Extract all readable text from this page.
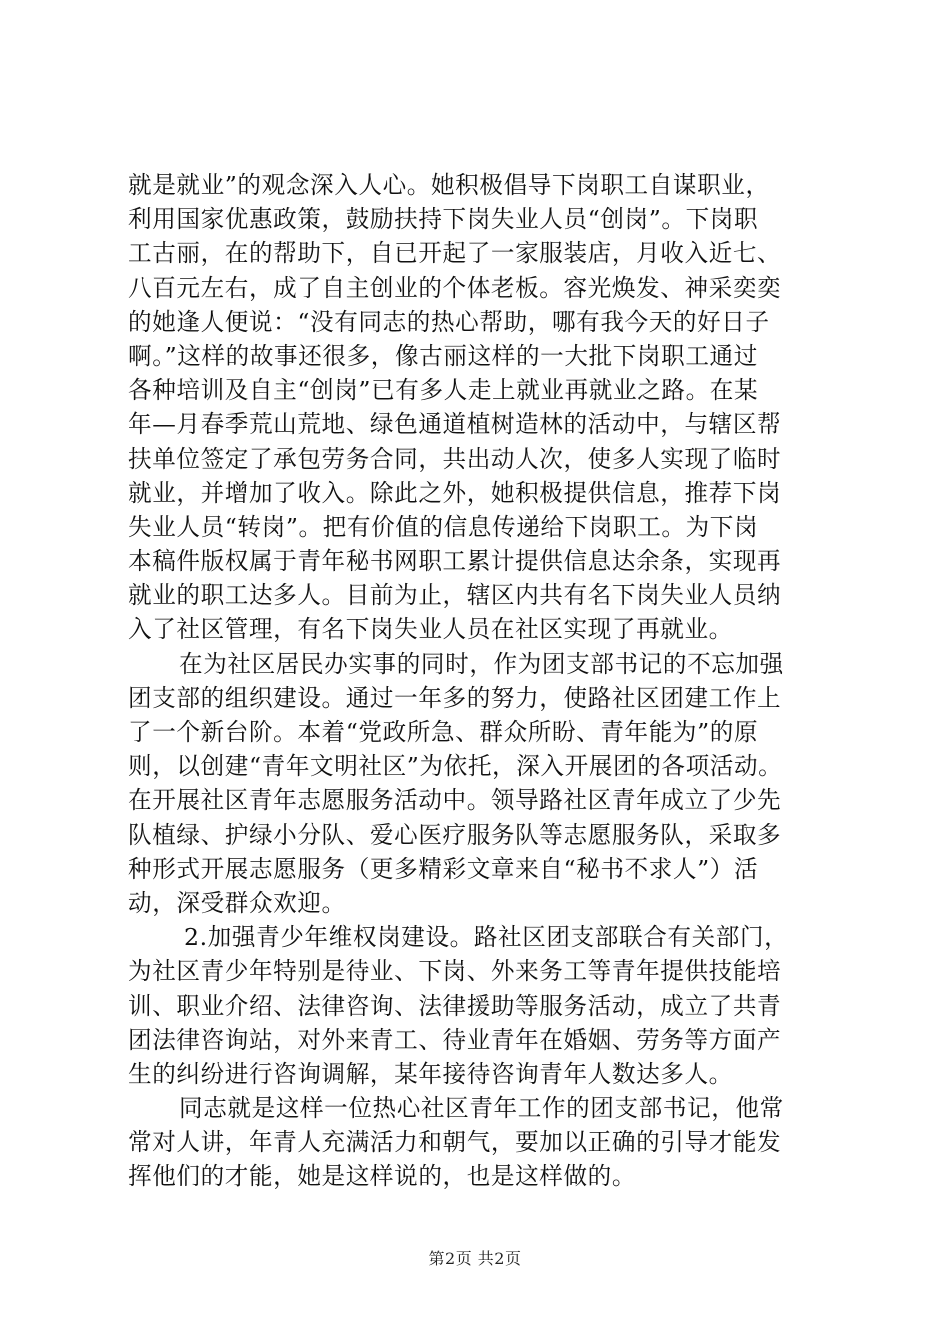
就是就业”的观念深入人心。她积极倡导下岗职工自谋职业，
利用国家优惠政策，鼓励扶持下岗失业人员“创岗”。下岗职
工古丽，在的帮助下，自已开起了一家服装店，月收入近七、
八百元左右，成了自主创业的个体老板。容光焕发、神采奕奕
的她逢人便说：“没有同志的热心帮助，哪有我今天的好日子
啊。”这样的故事还很多，像古丽这样的一大批下岗职工通过
各种培训及自主“创岗”已有多人走上就业再就业之路。在某
年—月春季荒山荒地、绿色通道植树造林的活动中，与辖区帮
扶单位签定了承包劳务合同，共出动人次，使多人实现了临时
就业，并增加了收入。除此之外，她积极提供信息，推荐下岗
失业人员“转岗”。把有价值的信息传递给下岗职工。为下岗
本稿件版权属于青年秘书网职工累计提供信息达余条，实现再
就业的职工达多人。目前为止，辖区内共有名下岗失业人员纳
入了社区管理，有名下岗失业人员在社区实现了再就业。
在为社区居民办实事的同时，作为团支部书记的不忘加强
团支部的组织建设。通过一年多的努力，使路社区团建工作上
了一个新台阶。本着“党政所急、群众所盼、青年能为”的原
则，以创建“青年文明社区”为依托，深入开展团的各项活动。
在开展社区青年志愿服务活动中。领导路社区青年成立了少先
队植绿、护绿小分队、爱心医疗服务队等志愿服务队，采取多
种形式开展志愿服务（更多精彩文章来自“秘书不求人”）活
动，深受群众欢迎。
2.加强青少年维权岗建设。路社区团支部联合有关部门，
为社区青少年特别是待业、下岗、外来务工等青年提供技能培
训、职业介绍、法律咨询、法律援助等服务活动，成立了共青
团法律咨询站，对外来青工、待业青年在婚姻、劳务等方面产
生的纠纷进行咨询调解，某年接待咨询青年人数达多人。
同志就是这样一位热心社区青年工作的团支部书记，他常
常对人讲，年青人充满活力和朝气，要加以正确的引导才能发
挥他们的才能，她是这样说的，也是这样做的。
第2页 共2页
